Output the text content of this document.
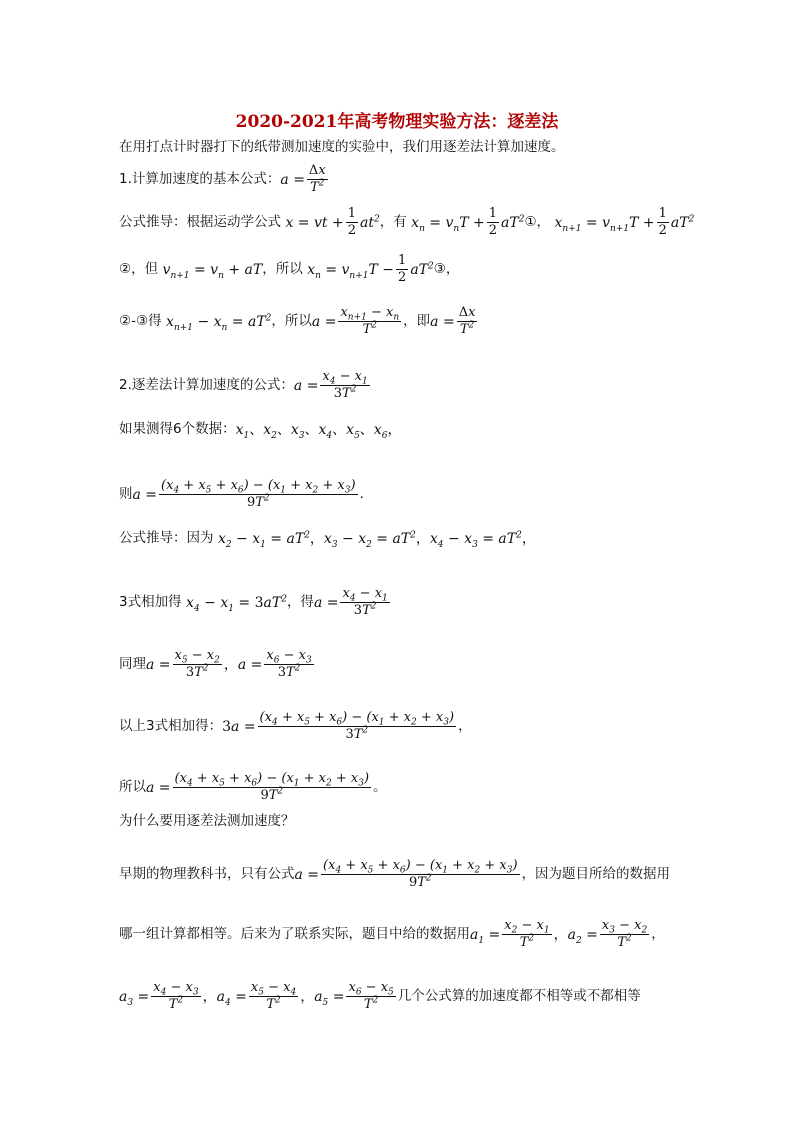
2020-2021年高考物理实验方法：逐差法
在用打点计时器打下的纸带测加速度的实验中，我们用逐差法计算加速度。
1.计算加速度的基本公式： $a = \frac{\Delta x}{T^2}$
公式推导：根据运动学公式 x = vt + $\frac{1}{2} at^2$ ，有 $x_n = v_nT + \frac{1}{2} aT^2$ ①， $x_{n+1} = v_{n+1}T + \frac{1}{2} aT^2$
②，但 $v_{n+1} = v_n$ + aT ，所以 $x_n = v_{n+1}T - \frac{1}{2} aT^2$ ③，
②-③得 $x_{n+1} - x_n = aT^2$ ，所以 $a = \frac{x_{n+1} - x_n}{T^2}$ ，即 $a = \frac{\Delta x}{T^2}$
2.逐差法计算加速度的公式： $a = \frac{x_4 - x_1}{3T^2}$
如果测得6个数据： $x_1$、$x_2$、$x_3$、$x_4$、$x_5$、$x_6$，
则 $a = \frac{(x_4 + x_5 + x_6) - (x_1 + x_2 + x_3)}{9T^2}$ .
公式推导：因为 $x_2 - x_1 = aT^2$，$x_3 - x_2 = aT^2$，$x_4 - x_3 = aT^2$，
3式相加得 $x_4 - x_1 = 3aT^2$ ，得 $a = \frac{x_4 - x_1}{3T^2}$
同理 $a = \frac{x_5 - x_2}{3T^2}$ ，$a = \frac{x_6 - x_3}{3T^2}$
以上3式相加得： $3a = \frac{(x_4 + x_5 + x_6) - (x_1 + x_2 + x_3)}{3T^2}$ ，
所以 $a = \frac{(x_4 + x_5 + x_6) - (x_1 + x_2 + x_3)}{9T^2}$ 。
为什么要用逐差法测加速度？
早期的物理教科书，只有公式 $a = \frac{(x_4 + x_5 + x_6) - (x_1 + x_2 + x_3)}{9T^2}$ ，因为题目所给的数据用
哪一组计算都相等。后来为了联系实际，题目中给的数据用 $a_1 = \frac{x_2 - x_1}{T^2}$ ，$a_2 = \frac{x_3 - x_2}{T^2}$ ，
$a_3 = \frac{x_4 - x_3}{T^2}$ ，$a_4 = \frac{x_5 - x_4}{T^2}$ ，$a_5 = \frac{x_6 - x_5}{T^2}$ 几个公式算的加速度都不相等或不都相等
